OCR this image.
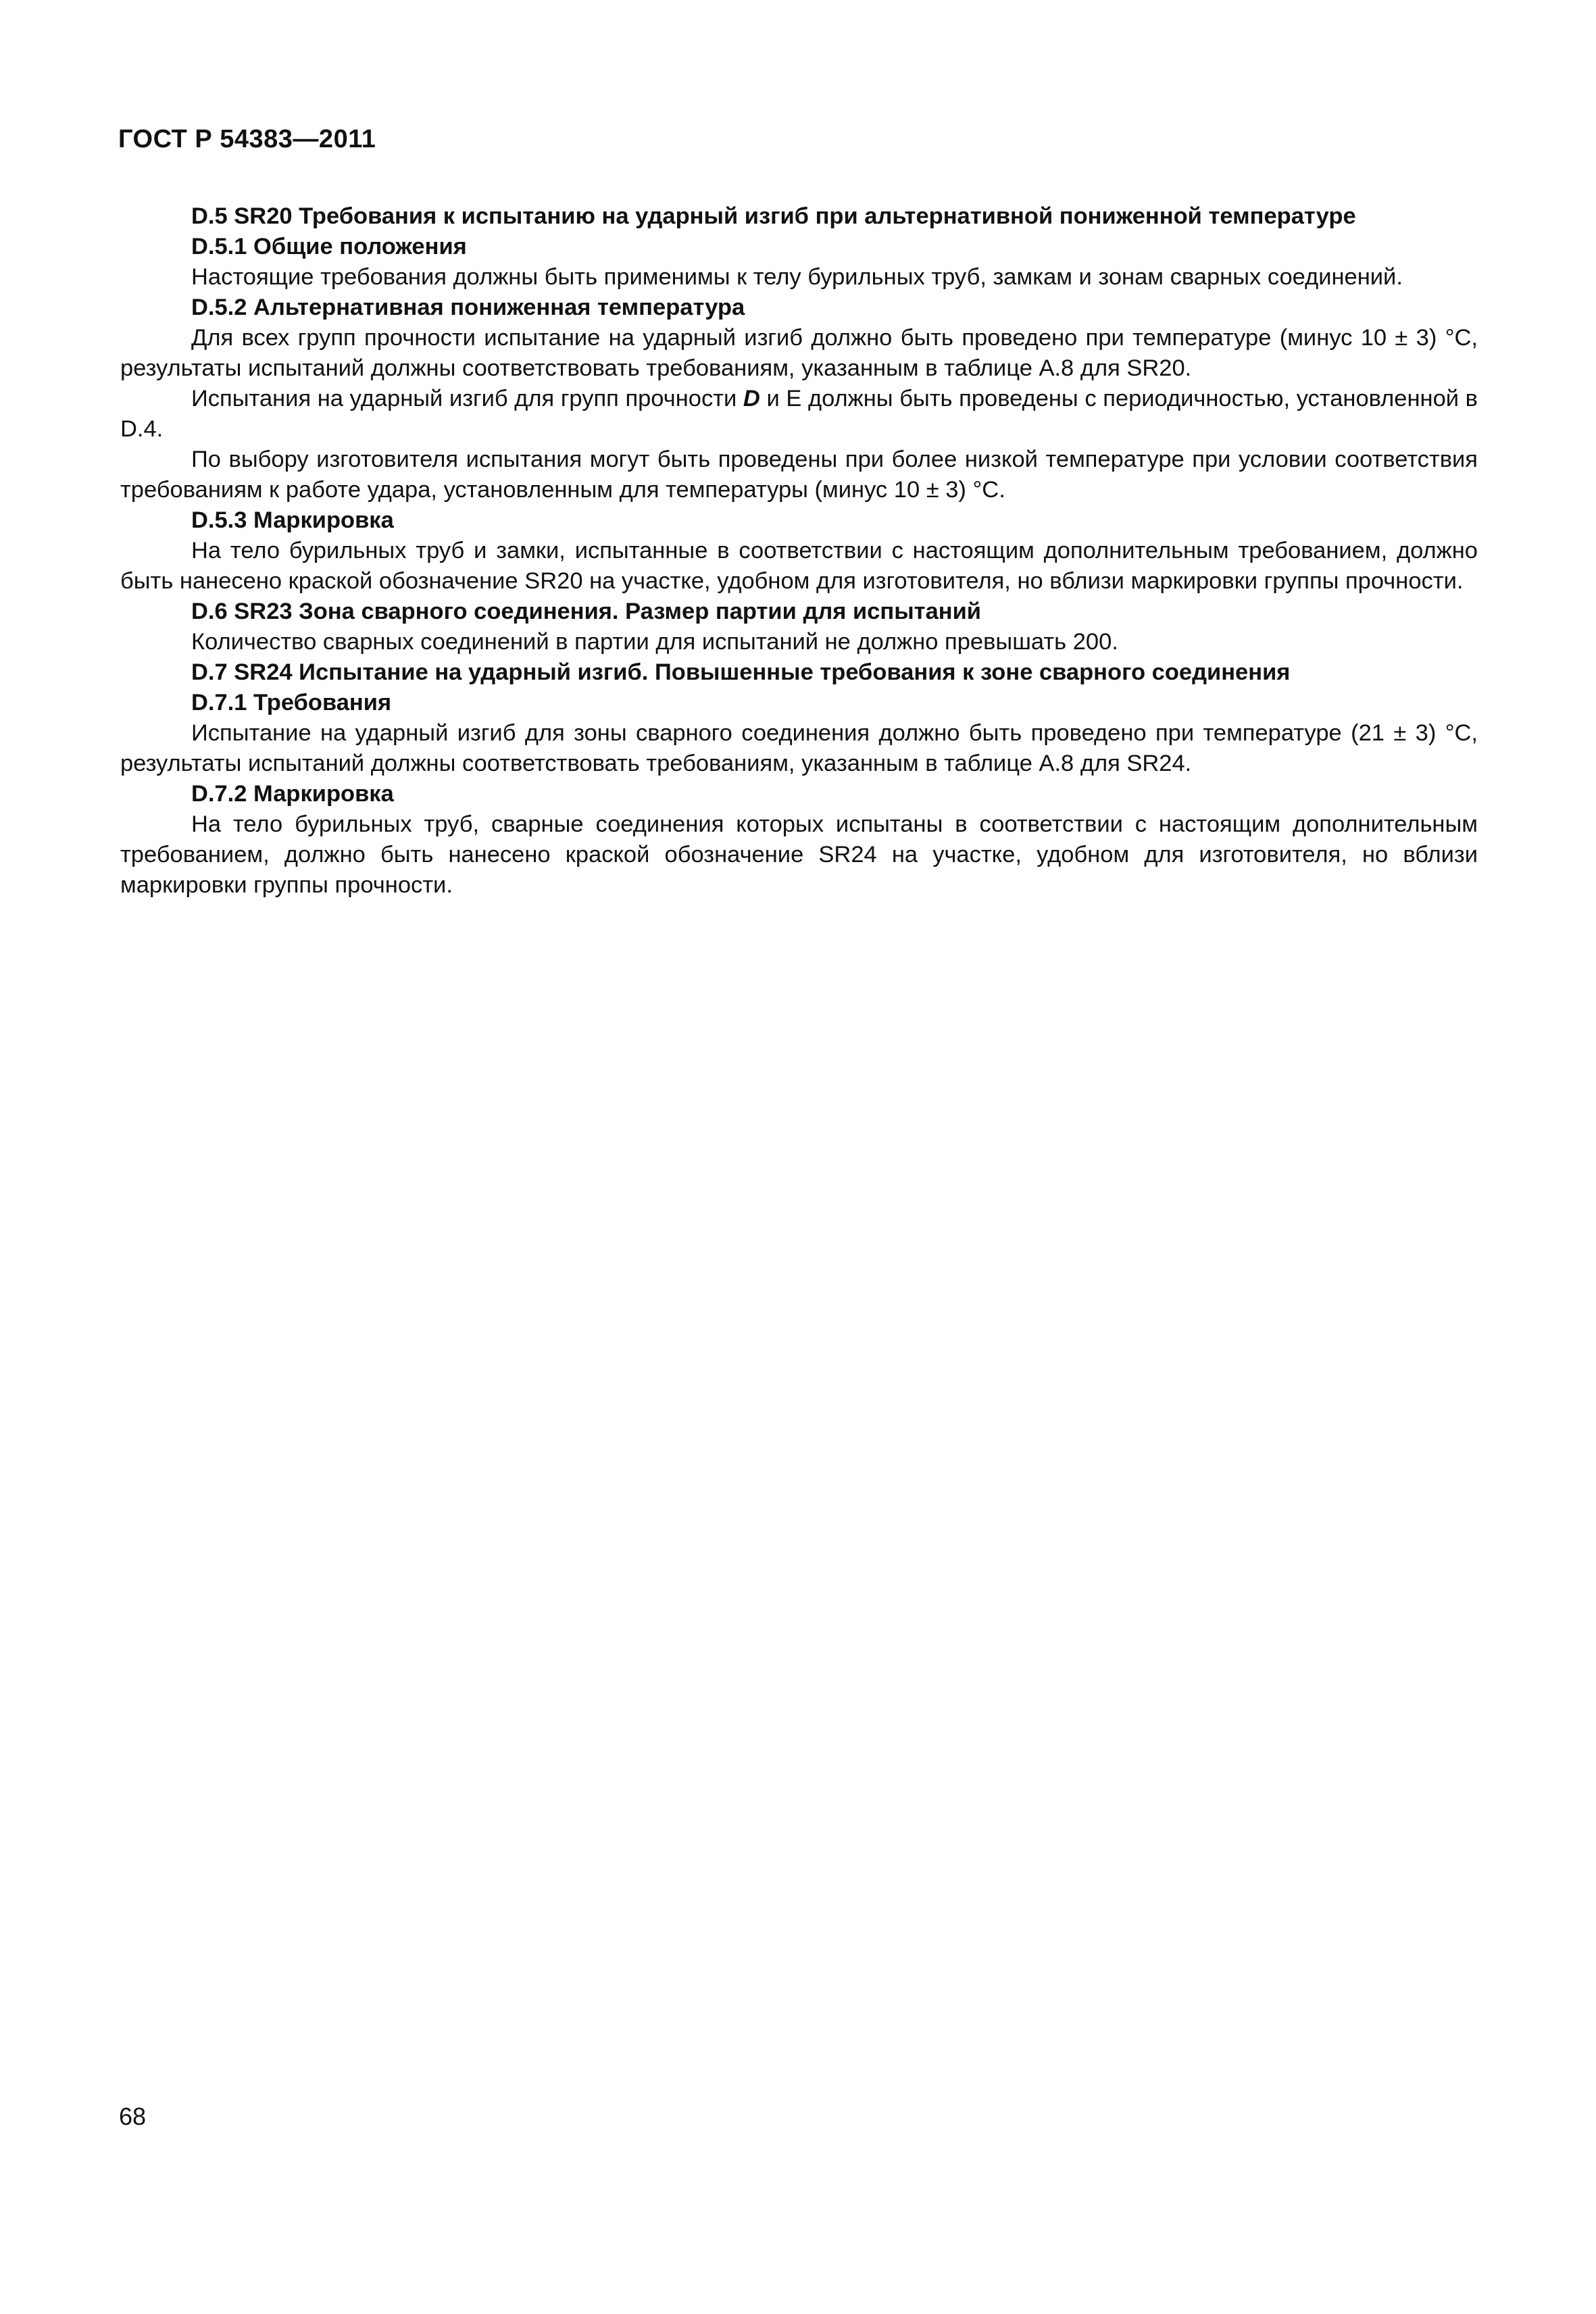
ГОСТ Р 54383—2011

D.5 SR20 Требования к испытанию на ударный изгиб при альтернативной пониженной температуре

D.5.1 Общие положения

Настоящие требования должны быть применимы к телу бурильных труб, замкам и зонам сварных соединений.

D.5.2 Альтернативная пониженная температура

Для всех групп прочности испытание на ударный изгиб должно быть проведено при температуре (минус 10 ± 3) °С, результаты испытаний должны соответствовать требованиям, указанным в таблице А.8 для SR20.

Испытания на ударный изгиб для групп прочности D и Е должны быть проведены с периодичностью, установленной в D.4.

По выбору изготовителя испытания могут быть проведены при более низкой температуре при условии соответствия требованиям к работе удара, установленным для температуры (минус 10 ± 3) °С.

D.5.3 Маркировка

На тело бурильных труб и замки, испытанные в соответствии с настоящим дополнительным требованием, должно быть нанесено краской обозначение SR20 на участке, удобном для изготовителя, но вблизи маркировки группы прочности.

D.6 SR23 Зона сварного соединения. Размер партии для испытаний

Количество сварных соединений в партии для испытаний не должно превышать 200.

D.7 SR24 Испытание на ударный изгиб. Повышенные требования к зоне сварного соединения

D.7.1 Требования

Испытание на ударный изгиб для зоны сварного соединения должно быть проведено при температуре (21 ± 3) °С, результаты испытаний должны соответствовать требованиям, указанным в таблице А.8 для SR24.

D.7.2 Маркировка

На тело бурильных труб, сварные соединения которых испытаны в соответствии с настоящим дополнительным требованием, должно быть нанесено краской обозначение SR24 на участке, удобном для изготовителя, но вблизи маркировки группы прочности.

68
